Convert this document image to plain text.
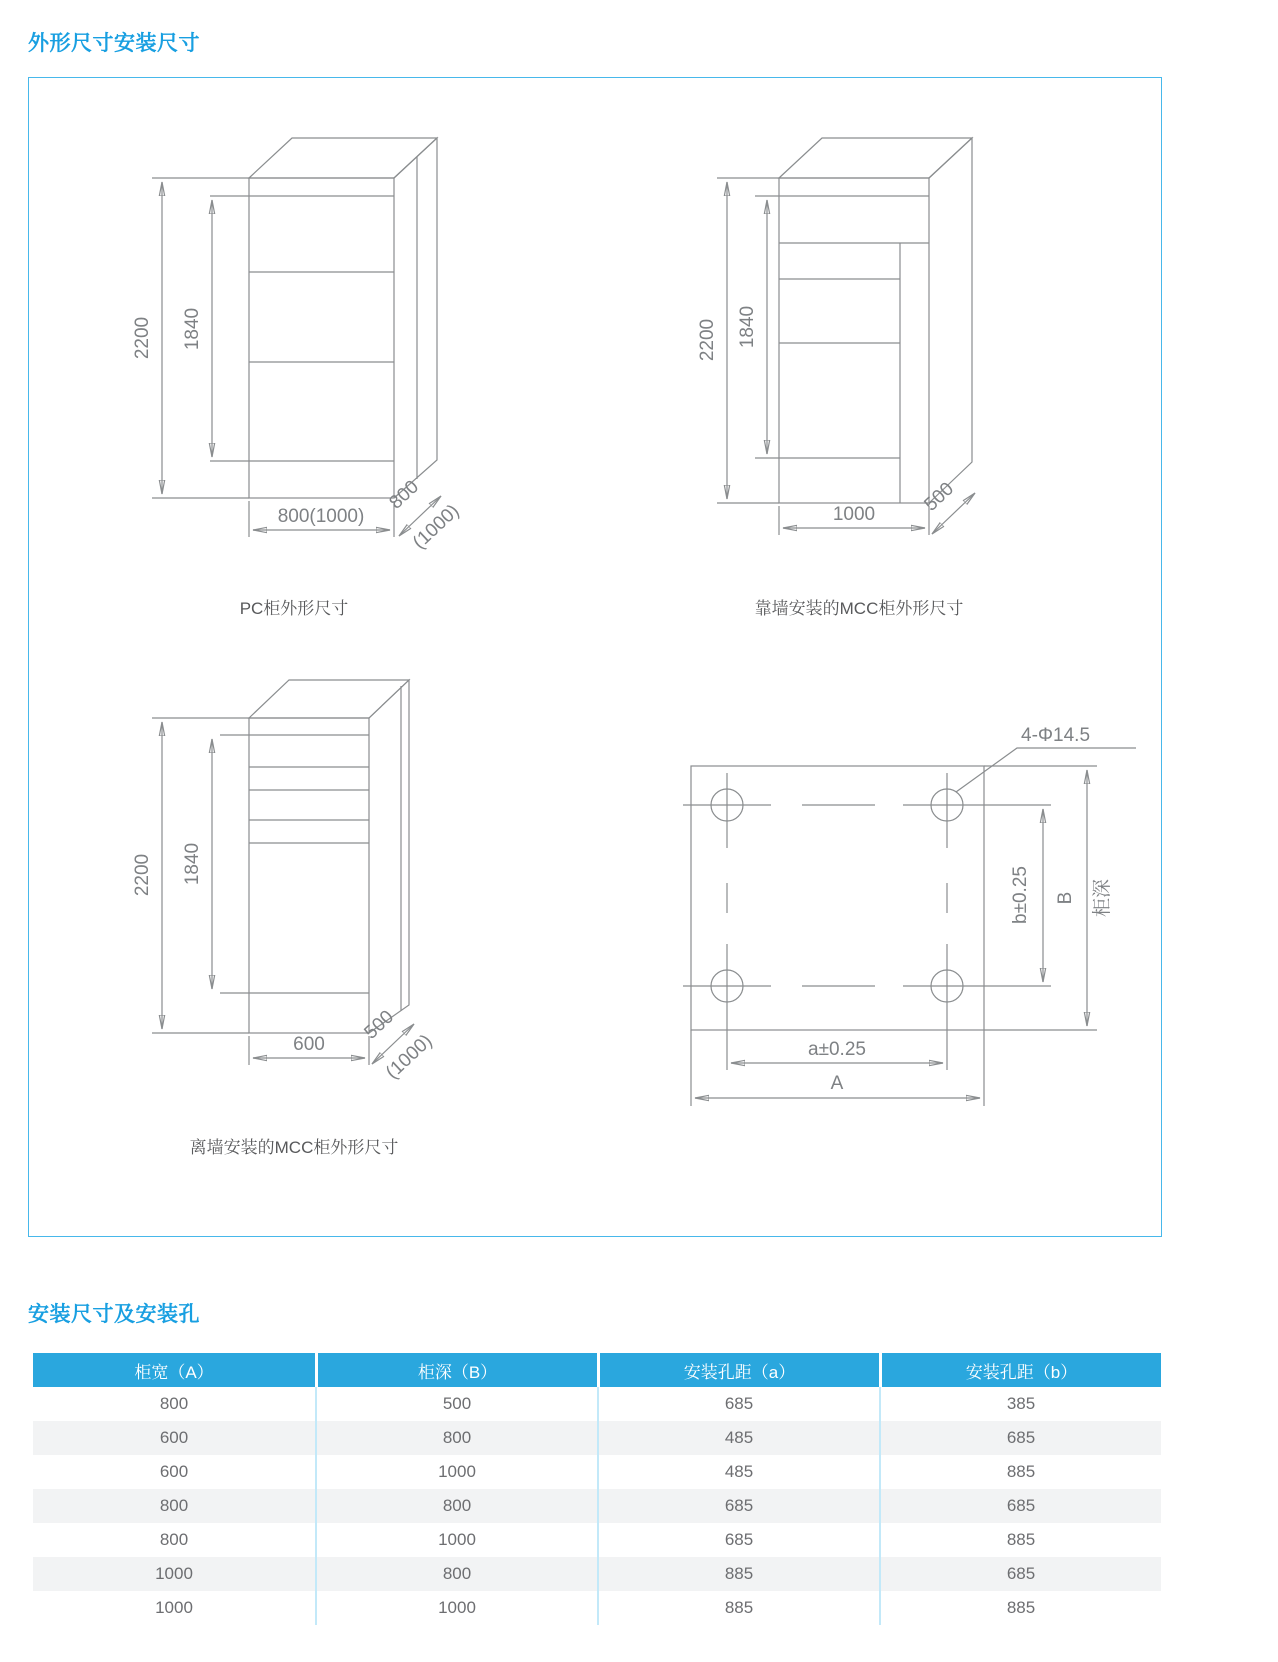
外形尺寸安装尺寸
2200 1840
800(1000)
800
(1000)
PC柜外形尺寸
2200 1840
1000 500
靠墙安装的MCC柜外形尺寸
2200 1840
600
500
(1000)
离墙安装的MCC柜外形尺寸
4-Φ14.5
b±0.25 B 柜深
a±0.25
A
安装尺寸及安装孔
柜宽（A）	柜深（B）	安装孔距（a）	安装孔距（b）
800	500	685	385
600	800	485	685
600	1000	485	885
800	800	685	685
800	1000	685	885
1000	800	885	685
1000	1000	885	885
